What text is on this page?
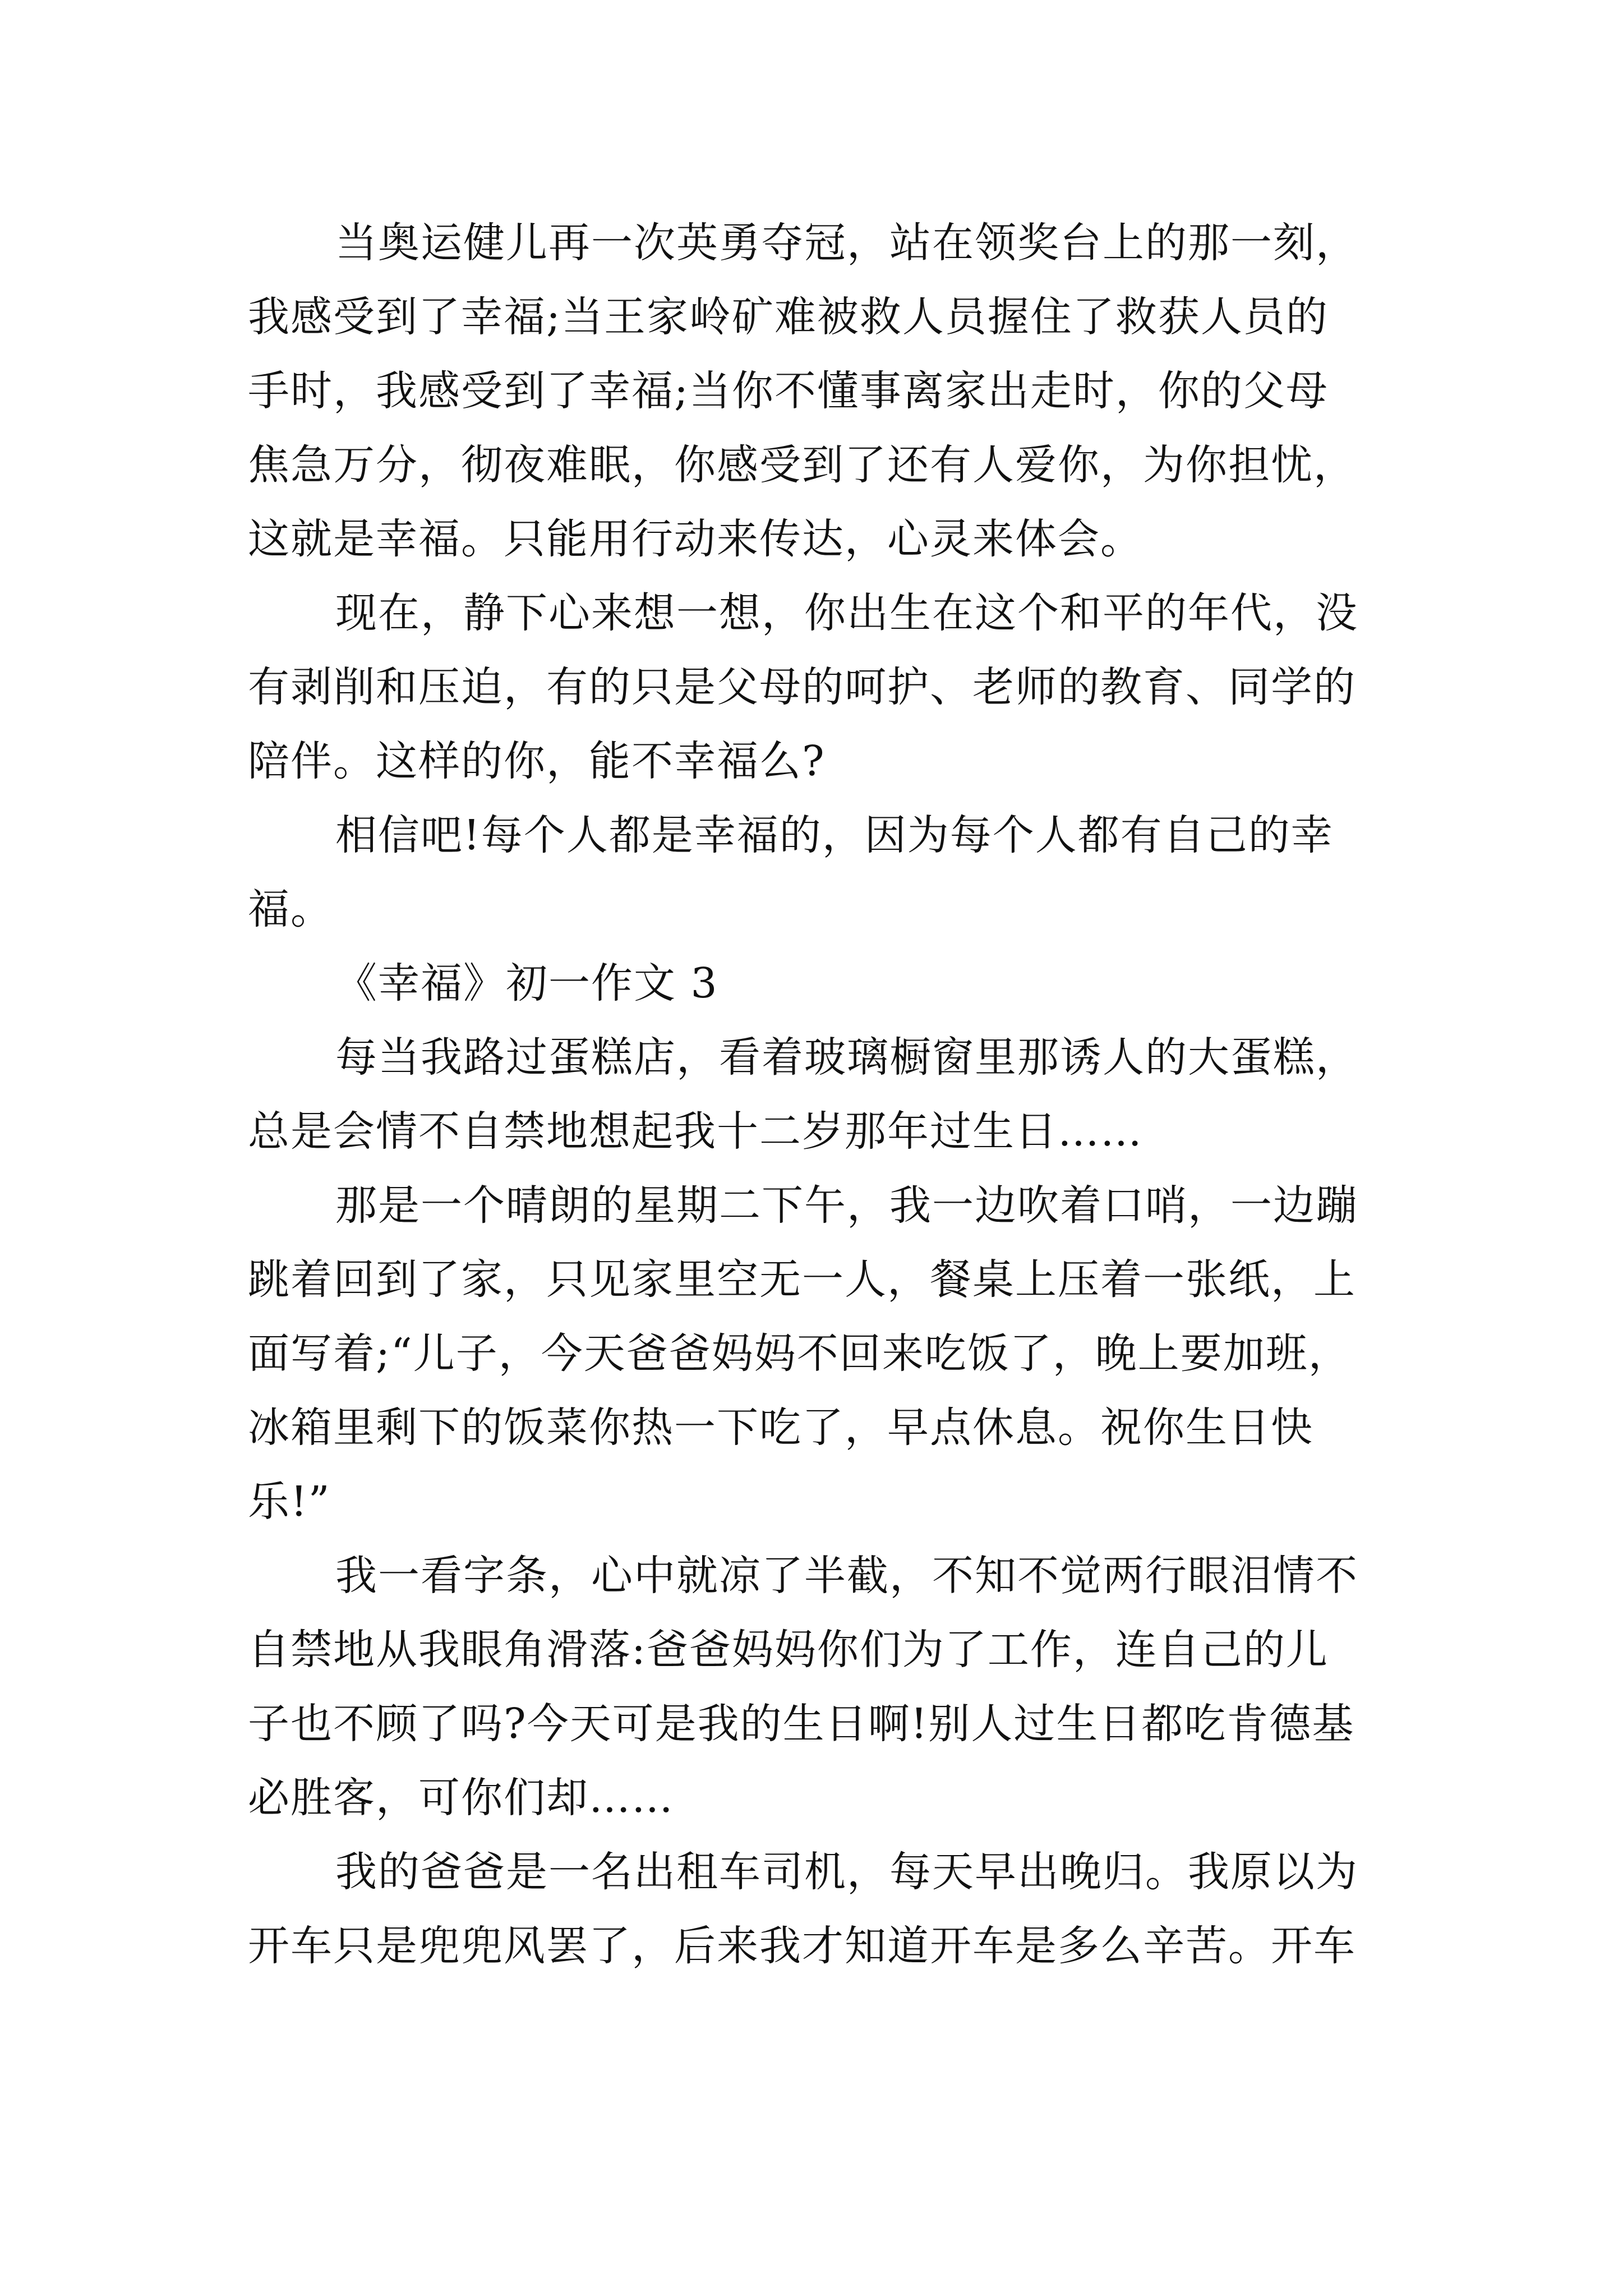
当奥运健儿再一次英勇夺冠，站在领奖台上的那一刻，
我感受到了幸福;当王家岭矿难被救人员握住了救获人员的
手时，我感受到了幸福;当你不懂事离家出走时，你的父母
焦急万分，彻夜难眠，你感受到了还有人爱你，为你担忧，
这就是幸福。只能用行动来传达，心灵来体会。
现在，静下心来想一想，你出生在这个和平的年代，没
有剥削和压迫，有的只是父母的呵护、老师的教育、同学的
陪伴。这样的你，能不幸福么?
相信吧!每个人都是幸福的，因为每个人都有自己的幸
福。
《幸福》初一作文 3
每当我路过蛋糕店，看着玻璃橱窗里那诱人的大蛋糕，
总是会情不自禁地想起我十二岁那年过生日……
那是一个晴朗的星期二下午，我一边吹着口哨，一边蹦
跳着回到了家，只见家里空无一人，餐桌上压着一张纸，上
面写着;“儿子，今天爸爸妈妈不回来吃饭了，晚上要加班，
冰箱里剩下的饭菜你热一下吃了，早点休息。祝你生日快
乐!”
我一看字条，心中就凉了半截，不知不觉两行眼泪情不
自禁地从我眼角滑落:爸爸妈妈你们为了工作，连自己的儿
子也不顾了吗?今天可是我的生日啊!别人过生日都吃肯德基
必胜客，可你们却……
我的爸爸是一名出租车司机，每天早出晚归。我原以为
开车只是兜兜风罢了，后来我才知道开车是多么辛苦。开车
